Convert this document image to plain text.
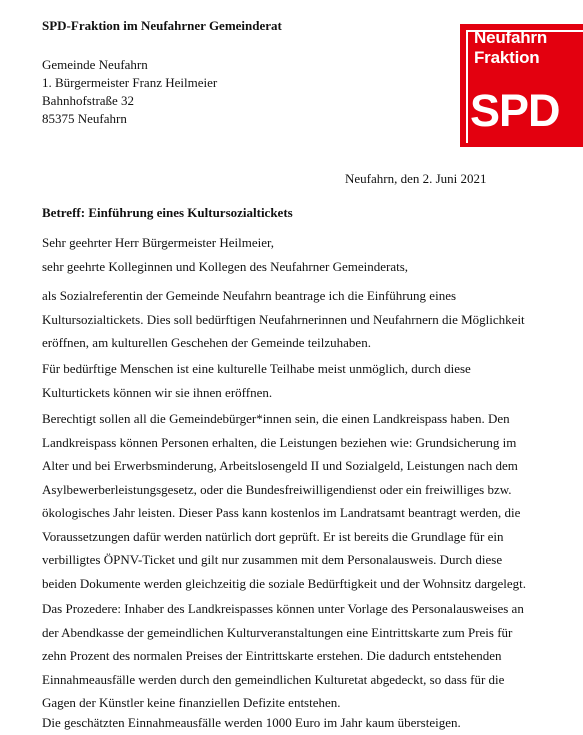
SPD-Fraktion im Neufahrner Gemeinderat
Neufahrn
Fraktion
SPD
Gemeinde Neufahrn
1. Bürgermeister Franz Heilmeier
Bahnhofstraße 32
85375 Neufahrn
Neufahrn, den 2. Juni 2021
Betreff: Einführung eines Kultursozialtickets
Sehr geehrter Herr Bürgermeister Heilmeier,
sehr geehrte Kolleginnen und Kollegen des Neufahrner Gemeinderats,
als Sozialreferentin der Gemeinde Neufahrn beantrage ich die Einführung eines
Kultursozialtickets. Dies soll bedürftigen Neufahrnerinnen und Neufahrnern die Möglichkeit
eröffnen, am kulturellen Geschehen der Gemeinde teilzuhaben.
Für bedürftige Menschen ist eine kulturelle Teilhabe meist unmöglich, durch diese
Kulturtickets können wir sie ihnen eröffnen.
Berechtigt sollen all die Gemeindebürger*innen sein, die einen Landkreispass haben. Den
Landkreispass können Personen erhalten, die Leistungen beziehen wie: Grundsicherung im
Alter und bei Erwerbsminderung, Arbeitslosengeld II und Sozialgeld, Leistungen nach dem
Asylbewerberleistungsgesetz, oder die Bundesfreiwilligendienst oder ein freiwilliges bzw.
ökologisches Jahr leisten. Dieser Pass kann kostenlos im Landratsamt beantragt werden, die
Voraussetzungen dafür werden natürlich dort geprüft. Er ist bereits die Grundlage für ein
verbilligtes ÖPNV-Ticket und gilt nur zusammen mit dem Personalausweis. Durch diese
beiden Dokumente werden gleichzeitig die soziale Bedürftigkeit und der Wohnsitz dargelegt.
Das Prozedere: Inhaber des Landkreispasses können unter Vorlage des Personalausweises an
der Abendkasse der gemeindlichen Kulturveranstaltungen eine Eintrittskarte zum Preis für
zehn Prozent des normalen Preises der Eintrittskarte erstehen. Die dadurch entstehenden
Einnahmeausfälle werden durch den gemeindlichen Kulturetat abgedeckt, so dass für die
Gagen der Künstler keine finanziellen Defizite entstehen.
Die geschätzten Einnahmeausfälle werden 1000 Euro im Jahr kaum übersteigen.
